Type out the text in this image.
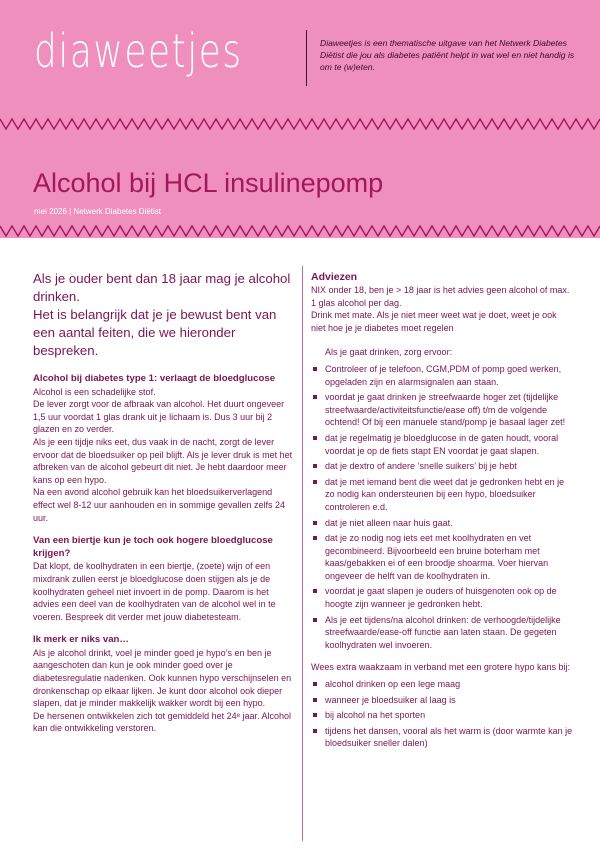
diaweetjes	Diaweetjes is een thematische uitgave van het Netwerk Diabetes Diëtist die jou als diabetes patiënt helpt in wat wel en niet handig is om te (w)eten.
Alcohol bij HCL insulinepomp
mei 2026 | Netwerk Diabetes Diëtist

Als je ouder bent dan 18 jaar mag je alcohol drinken.

Het is belangrijk dat je je bewust bent van een aantal feiten, die we hieronder bespreken.

Alcohol bij diabetes type 1: verlaagt de bloedglucose

Alcohol is een schadelijke stof.

De lever zorgt voor de afbraak van alcohol. Het duurt ongeveer 1,5 uur voordat 1 glas drank uit je lichaam is. Dus 3 uur bij 2 glazen en zo verder.

Als je een tijdje niks eet, dus vaak in de nacht, zorgt de lever ervoor dat de bloedsuiker op peil blijft. Als je lever druk is met het afbreken van de alcohol gebeurt dit niet. Je hebt daardoor meer kans op een hypo.

Na een avond alcohol gebruik kan het bloedsuikerverlagend effect wel 8-12 uur aanhouden en in sommige gevallen zelfs 24 uur.

Van een biertje kun je toch ook hogere bloedglucose krijgen?

Dat klopt, de koolhydraten in een biertje, (zoete) wijn of een mixdrank zullen eerst je bloedglucose doen stijgen als je de koolhydraten geheel niet invoert in de pomp. Daarom is het advies een deel van de koolhydraten van de alcohol wel in te voeren. Bespreek dit verder met jouw diabetesteam.

Ik merk er niks van…

Als je alcohol drinkt, voel je minder goed je hypo’s en ben je aangeschoten dan kun je ook minder goed over je diabetesregulatie nadenken. Ook kunnen hypo verschijnselen en dronkenschap op elkaar lijken. Je kunt door alcohol ook dieper slapen, dat je minder makkelijk wakker wordt bij een hypo.

De hersenen ontwikkelen zich tot gemiddeld het 24ᵉ jaar. Alcohol kan die ontwikkeling verstoren.

Adviezen

NIX onder 18, ben je > 18 jaar is het advies geen alcohol of max. 1 glas alcohol per dag.

Drink met mate. Als je niet meer weet wat je doet, weet je ook niet hoe je je diabetes moet regelen

Als je gaat drinken, zorg ervoor:
Controleer of je telefoon, CGM,PDM of pomp goed werken, opgeladen zijn en alarmsignalen aan staan.
voordat je gaat drinken je streefwaarde hoger zet (tijdelijke streefwaarde/activiteitsfunctie/ease off) t/m de volgende ochtend! Of bij een manuele stand/pomp je basaal lager zet!
dat je regelmatig je bloedglucose in de gaten houdt, vooral voordat je op de fiets stapt EN voordat je gaat slapen.
dat je dextro of andere ‘snelle suikers’ bij je hebt
dat je met iemand bent die weet dat je gedronken hebt en je zo nodig kan ondersteunen bij een hypo, bloedsuiker controleren e.d.
dat je niet alleen naar huis gaat.
dat je zo nodig nog iets eet met koolhydraten en vet gecombineerd. Bijvoorbeeld een bruine boterham met kaas/gebakken ei of een broodje shoarma. Voer hiervan ongeveer de helft van de koolhydraten in.
voordat je gaat slapen je ouders of huisgenoten ook op de hoogte zijn wanneer je gedronken hebt.
Als je eet tijdens/na alcohol drinken: de verhoogde/tijdelijke streefwaarde/ease-off functie aan laten staan. De gegeten koolhydraten wel invoeren.
Wees extra waakzaam in verband met een grotere hypo kans bij:
alcohol drinken op een lege maag
wanneer je bloedsuiker al laag is
bij alcohol na het sporten
tijdens het dansen, vooral als het warm is (door warmte kan je bloedsuiker sneller dalen)
